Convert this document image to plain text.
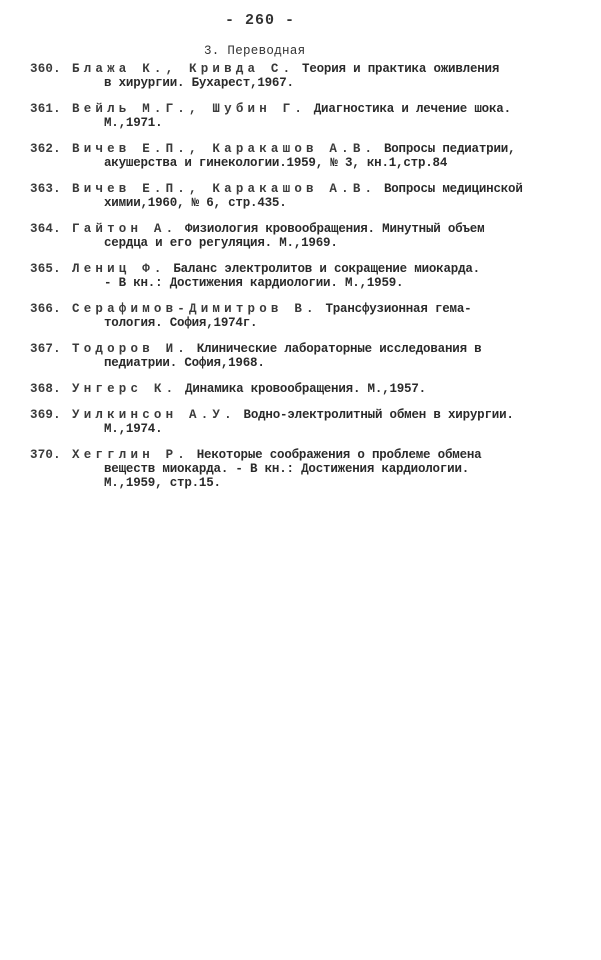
- 260 -
3. Переводная
360. Блажа К., Кривда С. Теория и практика оживления
в хирургии. Бухарест,1967.
361. Вейль М.Г., Шубин Г. Диагностика и лечение шока.
М.,1971.
362. Вичев Е.П., Каракашов А.В. Вопросы педиатрии,
акушерства и гинекологии.1959, № 3, кн.1,стр.84
363. Вичев Е.П., Каракашов А.В. Вопросы медицинской
химии,1960, № 6, стр.435.
364. Гайтон А. Физиология кровообращения. Минутный объем
сердца и его регуляция. М.,1969.
365. Лениц Ф. Баланс электролитов и сокращение миокарда.
- В кн.: Достижения кардиологии. М.,1959.
366. Серафимов-Димитров В. Трансфузионная гема-
тология. София,1974г.
367. Тодоров И. Клинические лабораторные исследования в
педиатрии. София,1968.
368. Унгерс К. Динамика кровообращения. М.,1957.
369. Уилкинсон А.У. Водно-электролитный обмен в хирургии.
М.,1974.
370. Хегглин Р. Некоторые соображения о проблеме обмена
веществ миокарда. - В кн.: Достижения кардиологии.
М.,1959, стр.15.
